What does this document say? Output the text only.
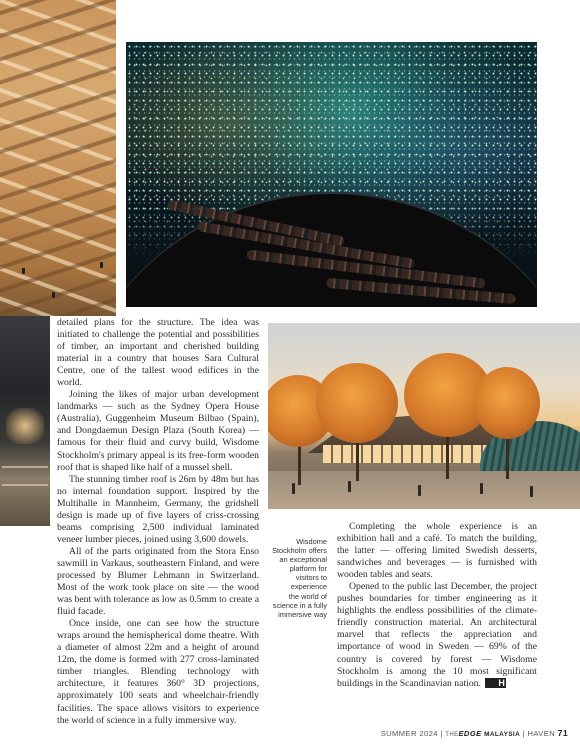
detailed plans for the structure. The idea was initiated to challenge the potential and possibilities of timber, an important and cherished building material in a country that houses Sara Cultural Centre, one of the tallest wood edifices in the world.

Joining the likes of major urban development landmarks — such as the Sydney Opera House (Australia), Guggenheim Museum Bilbao (Spain), and Dongdaemun Design Plaza (South Korea) — famous for their fluid and curvy build, Wisdome Stockholm's primary appeal is its free-form wooden roof that is shaped like half of a mussel shell.

The stunning timber roof is 26m by 48m but has no internal foundation support. Inspired by the Multihalle in Mannheim, Germany, the gridshell design is made up of five layers of criss-crossing beams comprising 2,500 individual laminated veneer lumber pieces, joined using 3,600 dowels.

All of the parts originated from the Stora Enso sawmill in Varkaus, southeastern Finland, and were processed by Blumer Lehmann in Switzerland. Most of the work took place on site — the wood was bent with tolerance as low as 0.5mm to create a fluid facade.

Once inside, one can see how the structure wraps around the hemispherical dome theatre. With a diameter of almost 22m and a height of around 12m, the dome is formed with 277 cross-laminated timber triangles. Blending technology with architecture, it features 360° 3D projections, approximately 100 seats and wheelchair-friendly facilities. The space allows visitors to experience the world of science in a fully immersive way.

Wisdome
Stockholm offers
an exceptional
platform for
visitors to
experience
the world of
science in a fully
immersive way

Completing the whole experience is an exhibition hall and a café. To match the building, the latter — offering limited Swedish desserts, sandwiches and beverages — is furnished with wooden tables and seats.

Opened to the public last December, the project pushes boundaries for timber engineering as it highlights the endless possibilities of the climate-friendly construction material. An architectural marvel that reflects the appreciation and importance of wood in Sweden — 69% of the country is covered by forest — Wisdome Stockholm is among the 10 most significant buildings in the Scandinavian nation. H

SUMMER 2024 | THEEDGE MALAYSIA | HAVEN 71
